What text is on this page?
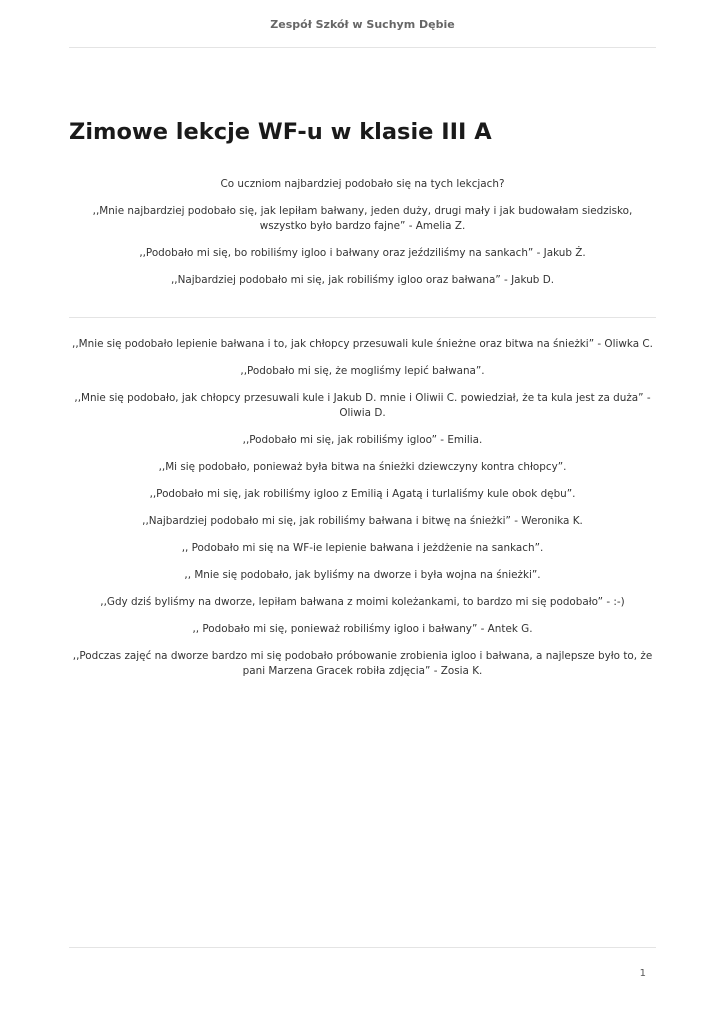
Zespół Szkół w Suchym Dębie
Zimowe lekcje WF-u w klasie III A

Co uczniom najbardziej podobało się na tych lekcjach?

,,Mnie najbardziej podobało się, jak lepiłam bałwany, jeden duży, drugi mały i jak budowałam siedzisko, wszystko było bardzo fajne” - Amelia Z.

,,Podobało mi się, bo robiliśmy igloo i bałwany oraz jeździliśmy na sankach” - Jakub Ż.

,,Najbardziej podobało mi się, jak robiliśmy igloo oraz bałwana” - Jakub D.

,,Mnie się podobało lepienie bałwana i to, jak chłopcy przesuwali kule śnieżne oraz bitwa na śnieżki” - Oliwka C.

,,Podobało mi się, że mogliśmy lepić bałwana”.

,,Mnie się podobało, jak chłopcy przesuwali kule i Jakub D. mnie i Oliwii C. powiedział, że ta kula jest za duża” - Oliwia D.

,,Podobało mi się, jak robiliśmy igloo” - Emilia.

,,Mi się podobało, ponieważ była bitwa na śnieżki dziewczyny kontra chłopcy”.

,,Podobało mi się, jak robiliśmy igloo z Emilią i Agatą i turlaliśmy kule obok dębu”.

,,Najbardziej podobało mi się, jak robiliśmy bałwana i bitwę na śnieżki” - Weronika K.

,, Podobało mi się na WF-ie lepienie bałwana i jeżdżenie na sankach”.

,, Mnie się podobało, jak byliśmy na dworze i była wojna na śnieżki”.

,,Gdy dziś byliśmy na dworze, lepiłam bałwana z moimi koleżankami, to bardzo mi się podobało” - :-)

,, Podobało mi się, ponieważ robiliśmy igloo i bałwany” - Antek G.

,,Podczas zajęć na dworze bardzo mi się podobało próbowanie zrobienia igloo i bałwana, a najlepsze było to, że pani Marzena Gracek robiła zdjęcia” - Zosia K.

1
